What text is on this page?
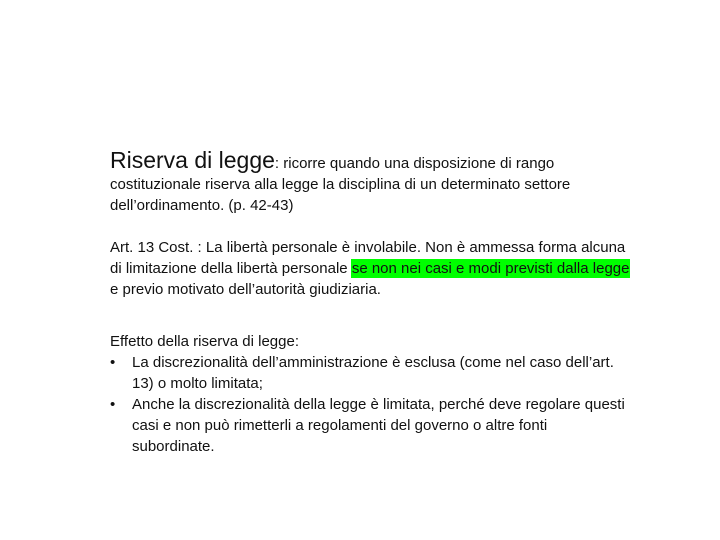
Riserva di legge: ricorre quando una disposizione di rango costituzionale riserva alla legge la disciplina di un determinato settore dell’ordinamento. (p. 42-43)

Art. 13 Cost. : La libertà personale è involabile. Non è ammessa forma alcuna di limitazione della libertà personale se non nei casi e modi previsti dalla legge e previo motivato dell’autorità giudiziaria.

Effetto della riserva di legge:

• La discrezionalità dell’amministrazione è esclusa (come nel caso dell’art. 13) o molto limitata;
• Anche la discrezionalità della legge è limitata, perché deve regolare questi casi e non può rimetterli a regolamenti del governo o altre fonti subordinate.
